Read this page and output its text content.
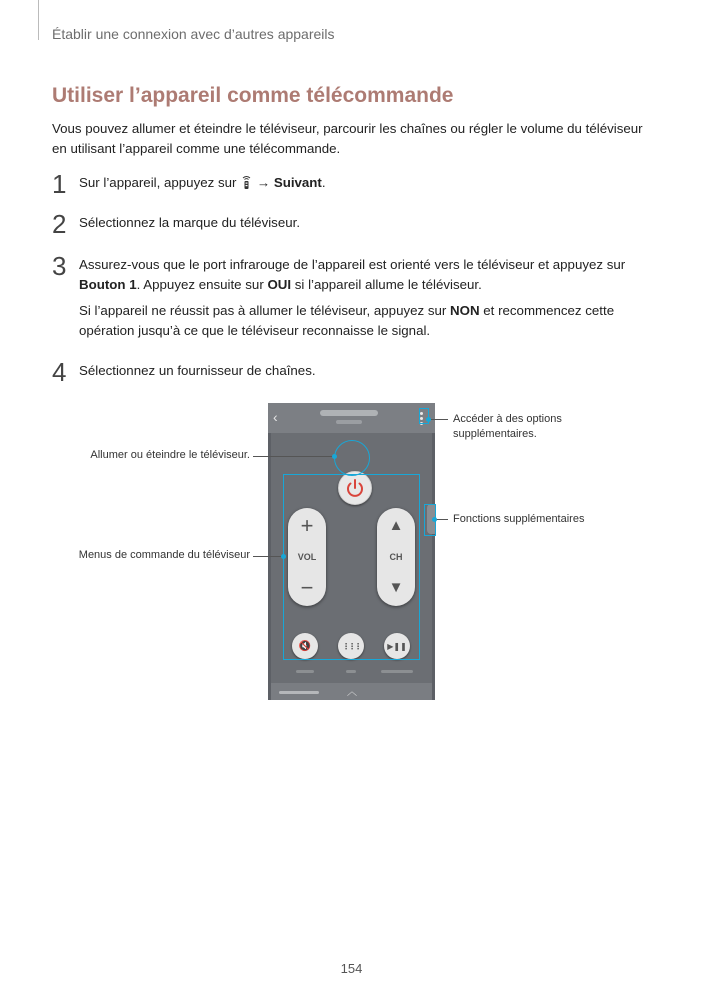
Établir une connexion avec d’autres appareils
Utiliser l’appareil comme télécommande
Vous pouvez allumer et éteindre le téléviseur, parcourir les chaînes ou régler le volume du téléviseur
en utilisant l’appareil comme une télécommande.
1 Sur l’appareil, appuyez sur  → Suivant.
2 Sélectionnez la marque du téléviseur.
3 Assurez-vous que le port infrarouge de l’appareil est orienté vers le téléviseur et appuyez sur
Bouton 1. Appuyez ensuite sur OUI si l’appareil allume le téléviseur.
Si l’appareil ne réussit pas à allumer le téléviseur, appuyez sur NON et recommencez cette
opération jusqu’à ce que le téléviseur reconnaisse le signal.
4 Sélectionnez un fournisseur de chaînes.
‹
+
VOL
−
▲
CH
▼
🔇	⋮⋮⋮	▶❚❚
︿
Accéder à des options
supplémentaires.
Allumer ou éteindre le téléviseur.
Fonctions supplémentaires
Menus de commande du téléviseur
154
